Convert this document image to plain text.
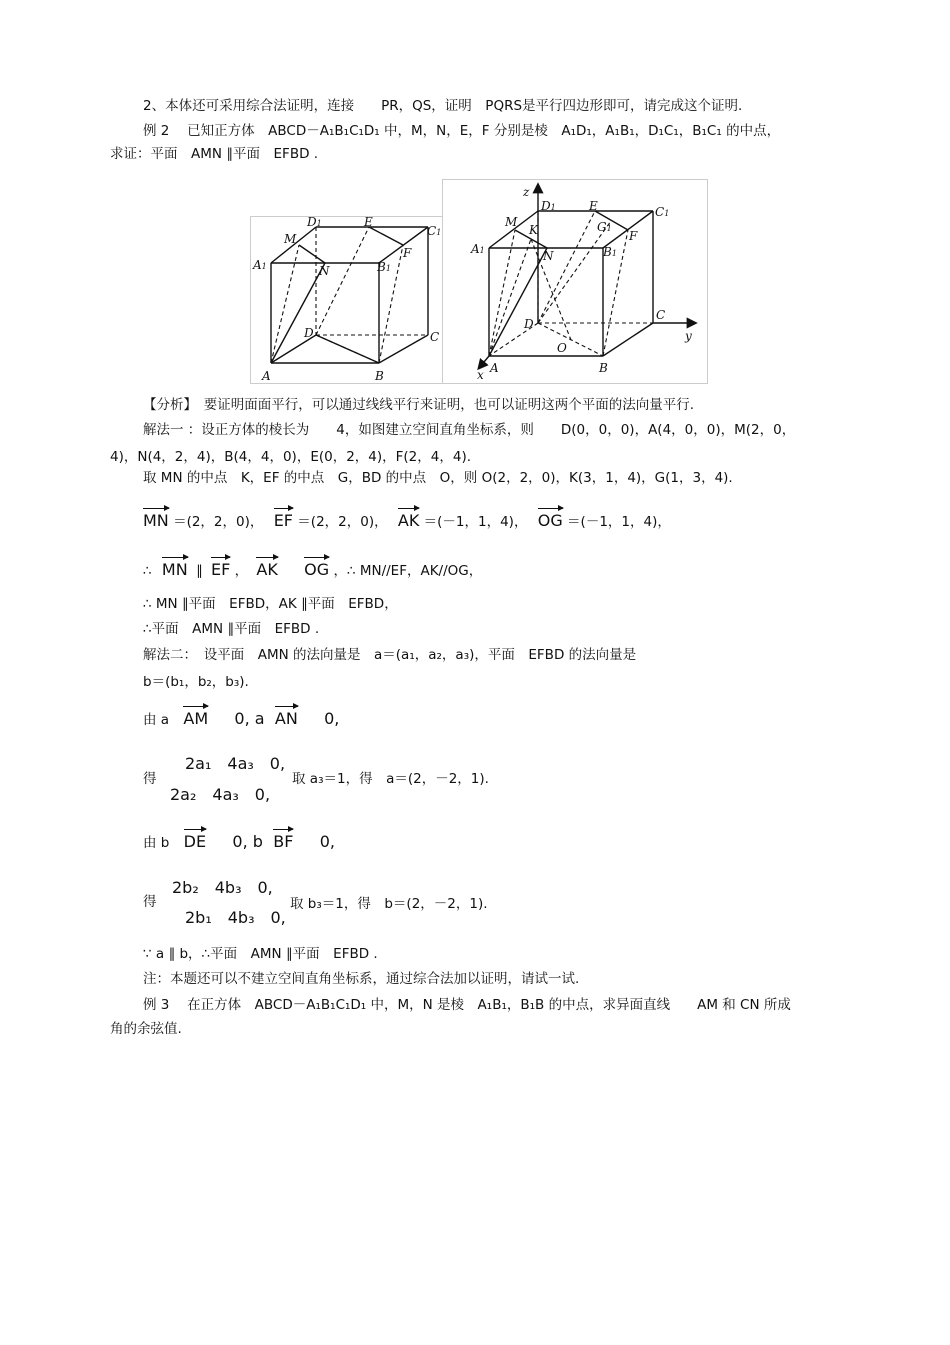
2、本体还可采用综合法证明，连接　　PR，QS，证明　PQRS是平行四边形即可，请完成这个证明.
例 2　 已知正方体　ABCD－A₁B₁C₁D₁ 中，M，N，E，F 分别是棱　A₁D₁，A₁B₁，D₁C₁，B₁C₁ 的中点，
求证：平面　AMN ∥平面　EFBD .
D1	E
C1
M
A1	N	B1
F
D	C
A	B
z
D1	E	C1
M
K	G1
A1	N	B1
F
D
C
y
O
A	B
x
【分析】　要证明面面平行，可以通过线线平行来证明，也可以证明这两个平面的法向量平行.
解法一 ：设正方体的棱长为　　4，如图建立空间直角坐标系，则　　D(0，0，0)，A(4，0，0)，M(2，0，
4)，N(4，2，4)，B(4，4，0)，E(0，2，4)，F(2，4，4).
取 MN 的中点　K，EF 的中点　G，BD 的中点　O，则 O(2，2，0)，K(3，1，4)，G(1，3，4).
MN ＝(2，2，0)， EF ＝(2，2，0)， AK ＝(－1，1，4)， OG ＝(－1，1，4)，
∴ MN ∥ EF ， AK OG ，∴ MN//EF，AK//OG，
∴ MN ∥平面　EFBD，AK ∥平面　EFBD，
∴平面　AMN ∥平面　EFBD .
解法二：　设平面　AMN 的法向量是　a＝(a₁，a₂，a₃)，平面　EFBD 的法向量是
b＝(b₁，b₂，b₃).
由 a AM 0, a AN 0,
得
2a₁　4a₃　0,
2a₂　4a₃　0,
取 a₃＝1，得　a＝(2，－2，1).
由 b DE 0, b BF 0,
得
2b₂　4b₃　0,
2b₁　4b₃　0,
取 b₃＝1，得　b＝(2，－2，1).
∵ a ∥ b，∴平面　AMN ∥平面　EFBD .
注：本题还可以不建立空间直角坐标系，通过综合法加以证明，请试一试.
例 3　 在正方体　ABCD－A₁B₁C₁D₁ 中，M，N 是棱　A₁B₁，B₁B 的中点，求异面直线　　AM 和 CN 所成
角的余弦值.
